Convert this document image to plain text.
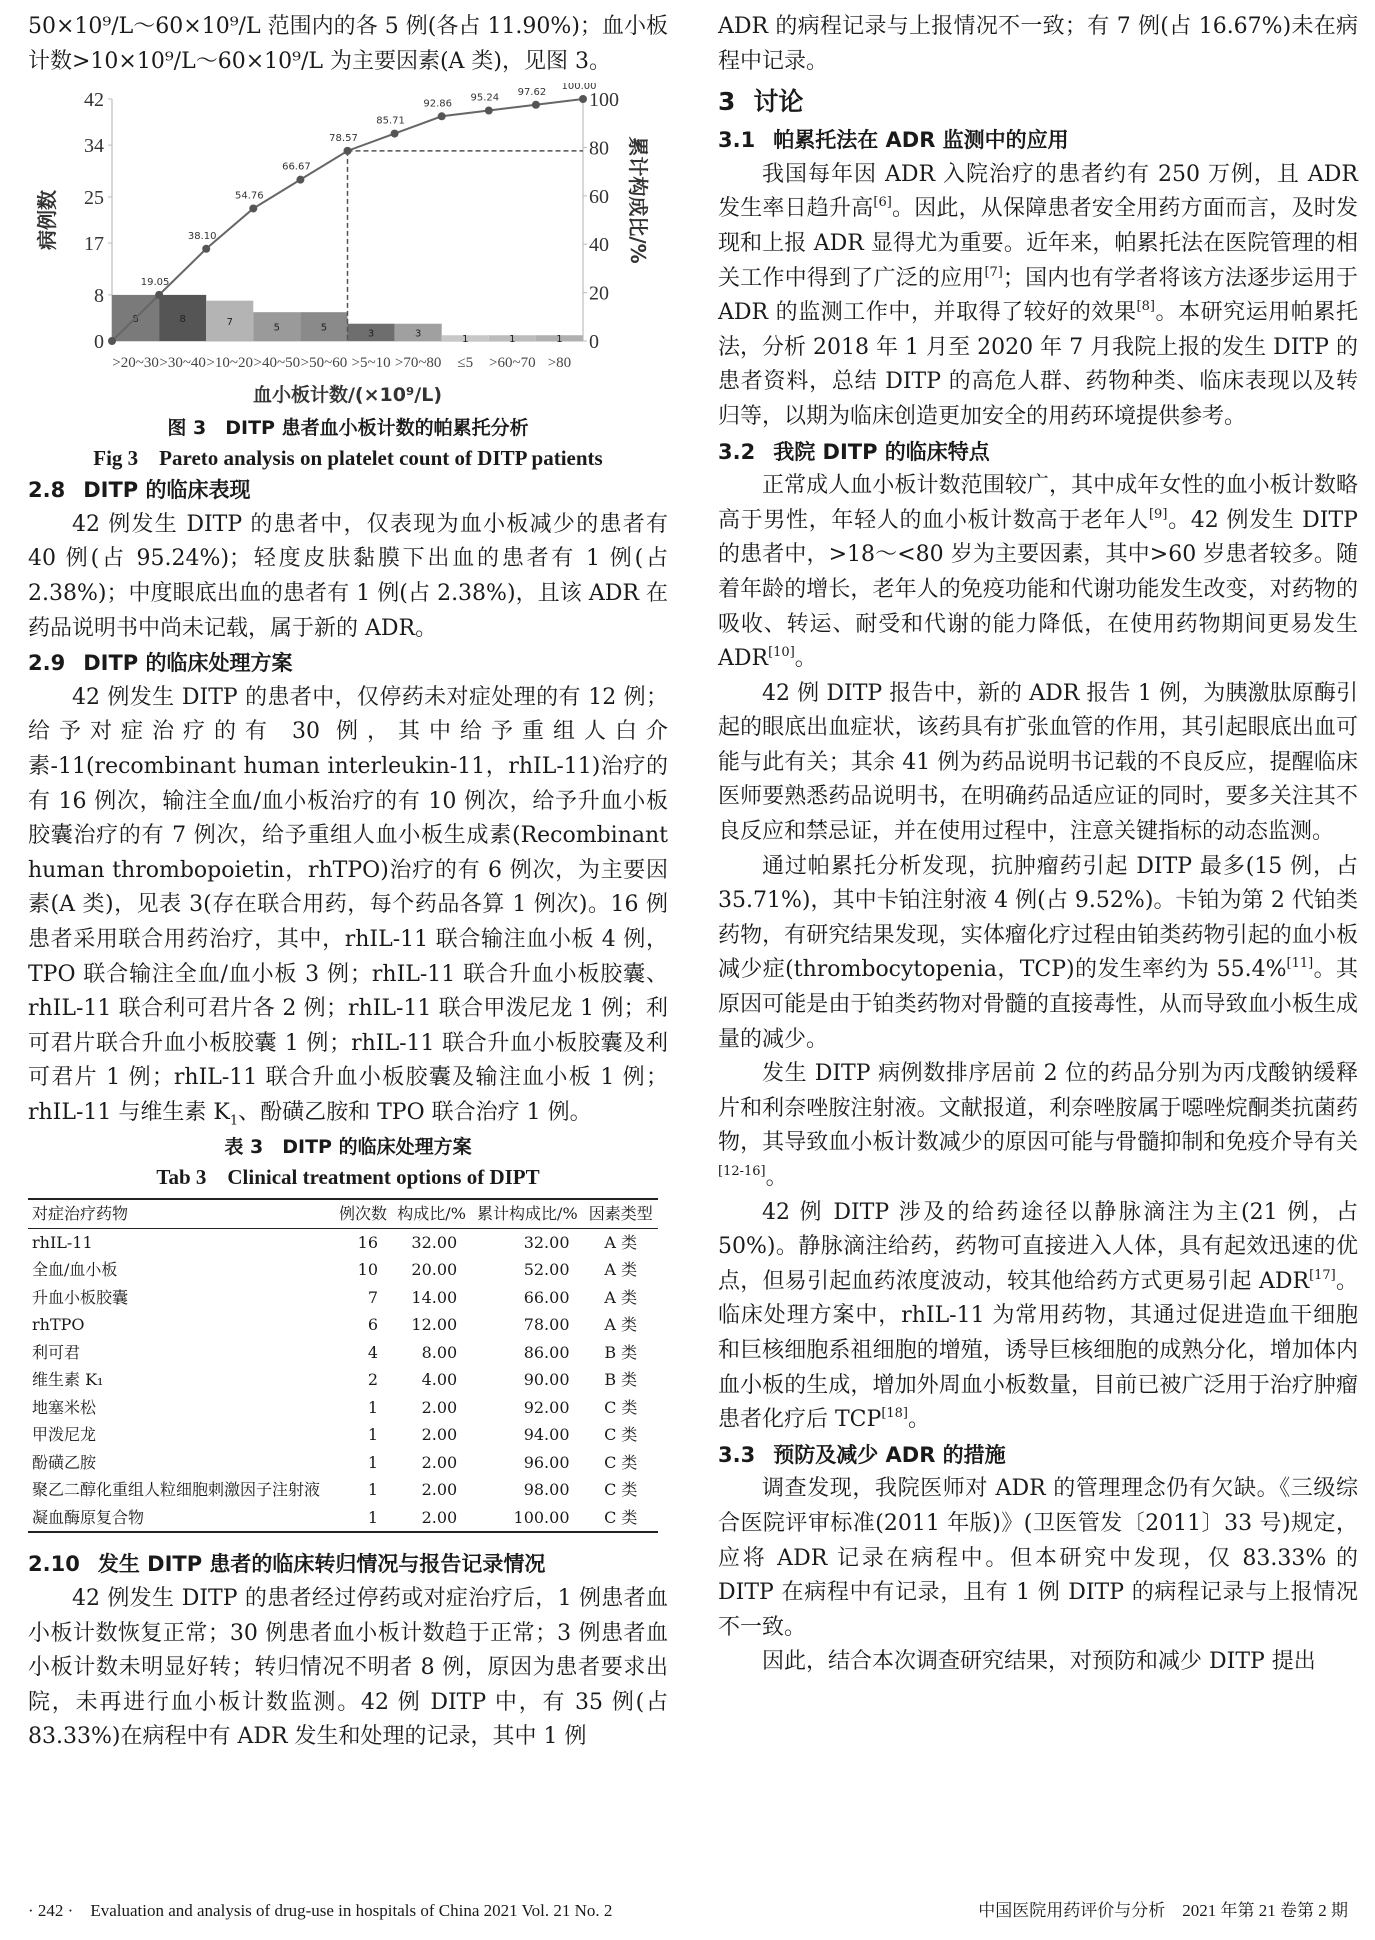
50×10⁹/L～60×10⁹/L 范围内的各 5 例(各占 11.90%)；血小板计数>10×10⁹/L～60×10⁹/L 为主要因素(A 类)，见图 3。

0
8
17
25
34
42
0
20
40
60
80
100
病例数	累计构成比/%
8
>20~30
8
>30~40
7
>10~20
5
>40~50
5
>50~60
3
>5~10
3
>70~80
1
≤5
1
>60~70
1
>80
19.05
38.10
54.76
66.67
78.57
85.71
92.86
95.24
97.62
100.00
血小板计数/(×10⁹/L)

图 3　DITP 患者血小板计数的帕累托分析

Fig 3　Pareto analysis on platelet count of DITP patients

2.8 DITP 的临床表现

42 例发生 DITP 的患者中，仅表现为血小板减少的患者有 40 例(占 95.24%)；轻度皮肤黏膜下出血的患者有 1 例(占 2.38%)；中度眼底出血的患者有 1 例(占 2.38%)，且该 ADR 在药品说明书中尚未记载，属于新的 ADR。

2.9 DITP 的临床处理方案

42 例发生 DITP 的患者中，仅停药未对症处理的有 12 例；给予对症治疗的有 30 例，其中给予重组人白介素-11(recombinant human interleukin-11，rhIL-11)治疗的有 16 例次，输注全血/血小板治疗的有 10 例次，给予升血小板胶囊治疗的有 7 例次，给予重组人血小板生成素(Recombinant human thrombopoietin，rhTPO)治疗的有 6 例次，为主要因素(A 类)，见表 3(存在联合用药，每个药品各算 1 例次)。16 例患者采用联合用药治疗，其中，rhIL-11 联合输注血小板 4 例，TPO 联合输注全血/血小板 3 例；rhIL-11 联合升血小板胶囊、rhIL-11 联合利可君片各 2 例；rhIL-11 联合甲泼尼龙 1 例；利可君片联合升血小板胶囊 1 例；rhIL-11 联合升血小板胶囊及利可君片 1 例；rhIL-11 联合升血小板胶囊及输注血小板 1 例；rhIL-11 与维生素 $K_1$、酚磺乙胺和 TPO 联合治疗 1 例。

表 3　DITP 的临床处理方案

Tab 3　Clinical treatment options of DIPT

对症治疗药物	例次数	构成比/%	累计构成比/%	因素类型
rhIL-11	16	32.00	32.00	A 类
全血/血小板	10	20.00	52.00	A 类
升血小板胶囊	7	14.00	66.00	A 类
rhTPO	6	12.00	78.00	A 类
利可君	4	8.00	86.00	B 类
维生素 K₁	2	4.00	90.00	B 类
地塞米松	1	2.00	92.00	C 类
甲泼尼龙	1	2.00	94.00	C 类
酚磺乙胺	1	2.00	96.00	C 类
聚乙二醇化重组人粒细胞刺激因子注射液	1	2.00	98.00	C 类
凝血酶原复合物	1	2.00	100.00	C 类
2.10 发生 DITP 患者的临床转归情况与报告记录情况

42 例发生 DITP 的患者经过停药或对症治疗后，1 例患者血小板计数恢复正常；30 例患者血小板计数趋于正常；3 例患者血小板计数未明显好转；转归情况不明者 8 例，原因为患者要求出院，未再进行血小板计数监测。42 例 DITP 中，有 35 例(占 83.33%)在病程中有 ADR 发生和处理的记录，其中 1 例

ADR 的病程记录与上报情况不一致；有 7 例(占 16.67%)未在病程中记录。

3 讨论
3.1 帕累托法在 ADR 监测中的应用

我国每年因 ADR 入院治疗的患者约有 250 万例，且 ADR 发生率日趋升高[6]。因此，从保障患者安全用药方面而言，及时发现和上报 ADR 显得尤为重要。近年来，帕累托法在医院管理的相关工作中得到了广泛的应用[7]；国内也有学者将该方法逐步运用于 ADR 的监测工作中，并取得了较好的效果[8]。本研究运用帕累托法，分析 2018 年 1 月至 2020 年 7 月我院上报的发生 DITP 的患者资料，总结 DITP 的高危人群、药物种类、临床表现以及转归等，以期为临床创造更加安全的用药环境提供参考。

3.2 我院 DITP 的临床特点

正常成人血小板计数范围较广，其中成年女性的血小板计数略高于男性，年轻人的血小板计数高于老年人[9]。42 例发生 DITP 的患者中，>18～<80 岁为主要因素，其中>60 岁患者较多。随着年龄的增长，老年人的免疫功能和代谢功能发生改变，对药物的吸收、转运、耐受和代谢的能力降低，在使用药物期间更易发生 ADR[10]。

42 例 DITP 报告中，新的 ADR 报告 1 例，为胰激肽原酶引起的眼底出血症状，该药具有扩张血管的作用，其引起眼底出血可能与此有关；其余 41 例为药品说明书记载的不良反应，提醒临床医师要熟悉药品说明书，在明确药品适应证的同时，要多关注其不良反应和禁忌证，并在使用过程中，注意关键指标的动态监测。

通过帕累托分析发现，抗肿瘤药引起 DITP 最多(15 例，占 35.71%)，其中卡铂注射液 4 例(占 9.52%)。卡铂为第 2 代铂类药物，有研究结果发现，实体瘤化疗过程由铂类药物引起的血小板减少症(thrombocytopenia，TCP)的发生率约为 55.4%[11]。其原因可能是由于铂类药物对骨髓的直接毒性，从而导致血小板生成量的减少。

发生 DITP 病例数排序居前 2 位的药品分别为丙戊酸钠缓释片和利奈唑胺注射液。文献报道，利奈唑胺属于噁唑烷酮类抗菌药物，其导致血小板计数减少的原因可能与骨髓抑制和免疫介导有关[12-16]。

42 例 DITP 涉及的给药途径以静脉滴注为主(21 例，占 50%)。静脉滴注给药，药物可直接进入人体，具有起效迅速的优点，但易引起血药浓度波动，较其他给药方式更易引起 ADR[17]。临床处理方案中，rhIL-11 为常用药物，其通过促进造血干细胞和巨核细胞系祖细胞的增殖，诱导巨核细胞的成熟分化，增加体内血小板的生成，增加外周血小板数量，目前已被广泛用于治疗肿瘤患者化疗后 TCP[18]。

3.3 预防及减少 ADR 的措施

调查发现，我院医师对 ADR 的管理理念仍有欠缺。《三级综合医院评审标准(2011 年版)》(卫医管发〔2011〕33 号)规定，应将 ADR 记录在病程中。但本研究中发现，仅 83.33% 的 DITP 在病程中有记录，且有 1 例 DITP 的病程记录与上报情况不一致。

因此，结合本次调查研究结果，对预防和减少 DITP 提出

· 242 ·　Evaluation and analysis of drug-use in hospitals of China 2021 Vol. 21 No. 2	中国医院用药评价与分析　2021 年第 21 卷第 2 期
